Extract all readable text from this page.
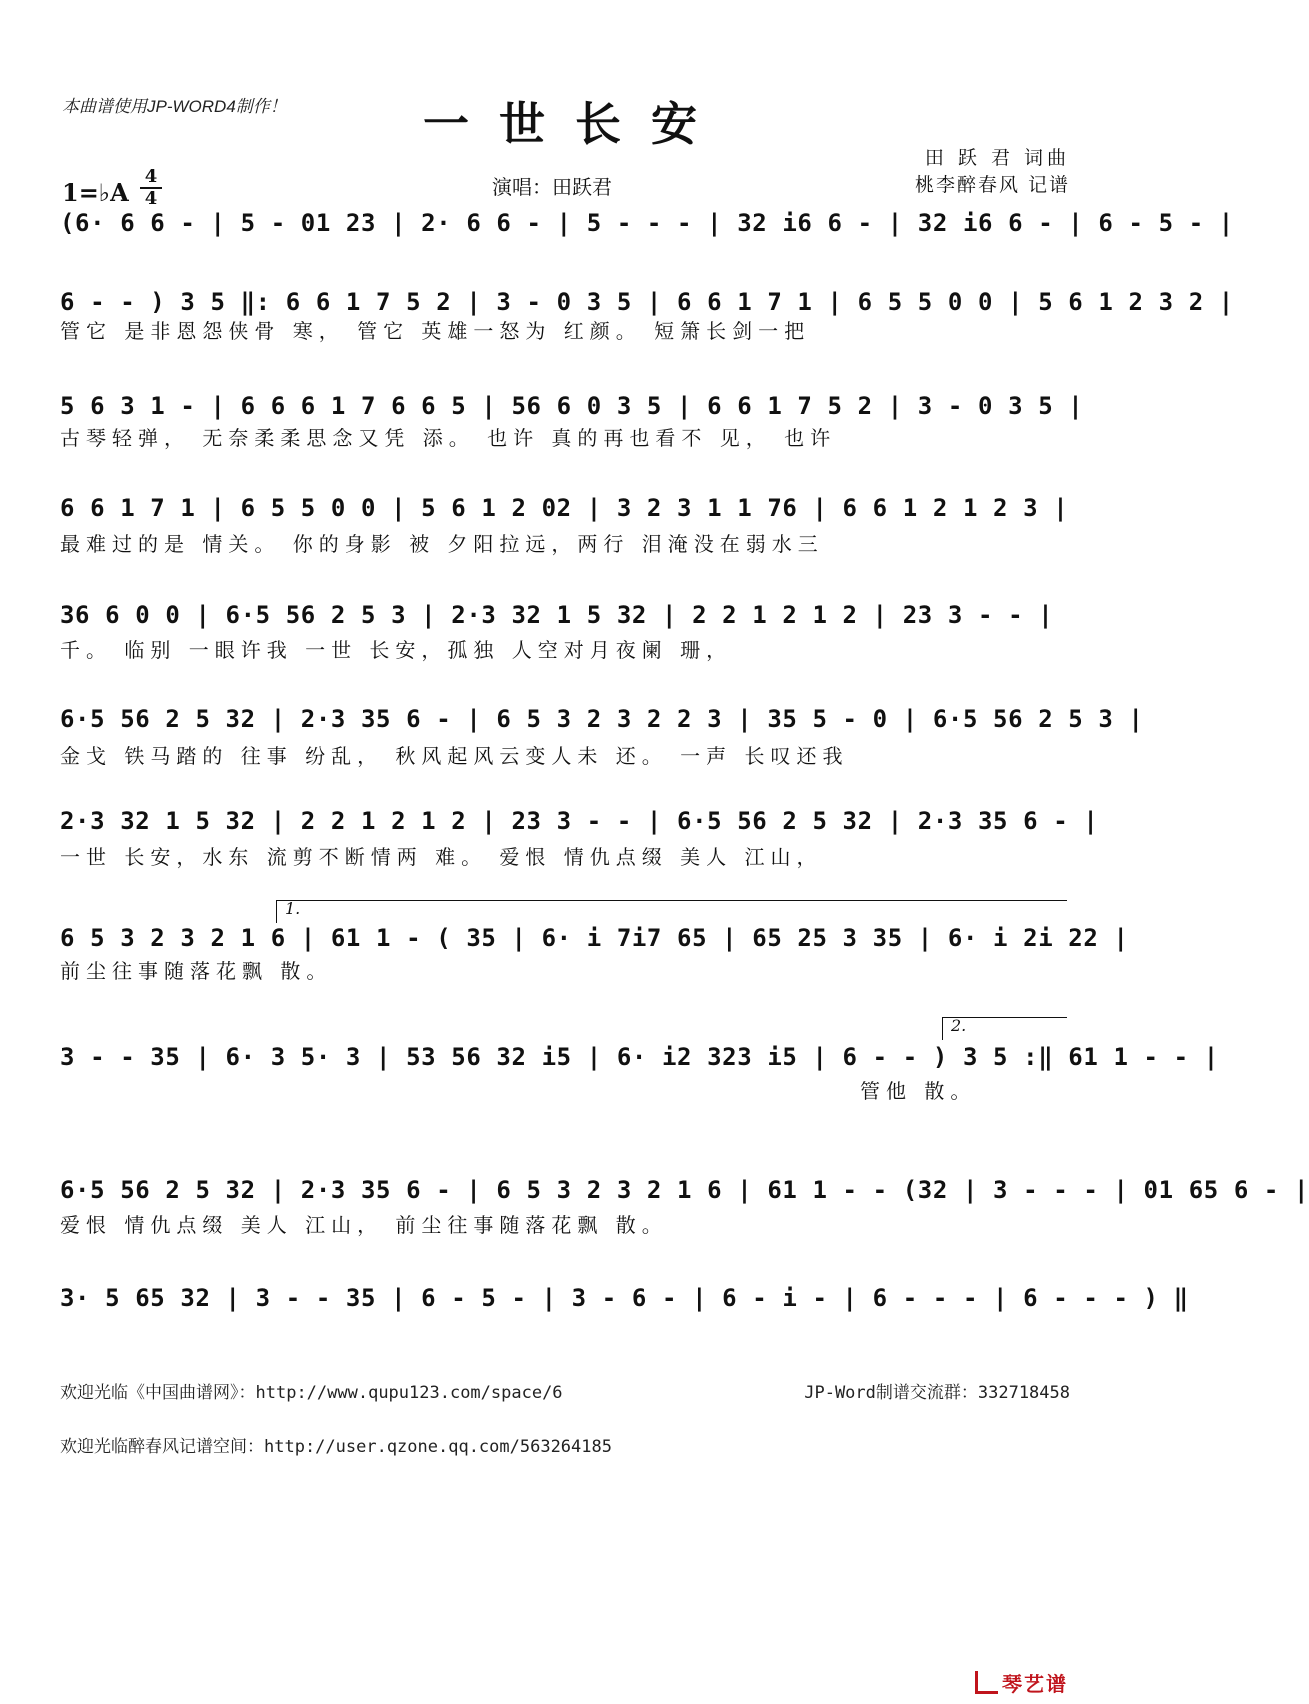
本曲谱使用JP-WORD4制作！	一世长安
田 跃 君 词曲
桃李醉春风 记谱
演唱：田跃君
1=♭A $\frac{4}{4}$
(6· 6 6 - | 5 - 01 23 | 2· 6 6 - | 5 - - - | 32 i6 6 - | 32 i6 6 - | 6 - 5 - |
6 - - ) 3 5 ‖: 6 6 1 7 5 2 | 3 - 0 3 5 | 6 6 1 7 1 | 6 5 5 0 0 | 5 6 1 2 3 2 |
管它 是非恩怨侠骨 寒， 管它 英雄一怒为 红颜。 短箫长剑一把
5 6 3 1 - | 6 6 6 1 7 6 6 5 | 56 6 0 3 5 | 6 6 1 7 5 2 | 3 - 0 3 5 |
古琴轻弹， 无奈柔柔思念又凭 添。 也许 真的再也看不 见， 也许
6 6 1 7 1 | 6 5 5 0 0 | 5 6 1 2 02 | 3 2 3 1 1 76 | 6 6 1 2 1 2 3 |
最难过的是 情关。 你的身影 被 夕阳拉远，两行 泪淹没在弱水三
36 6 0 0 | 6·5 56 2 5 3 | 2·3 32 1 5 32 | 2 2 1 2 1 2 | 23 3 - - |
千。 临别 一眼许我 一世 长安，孤独 人空对月夜阑 珊，
6·5 56 2 5 32 | 2·3 35 6 - | 6 5 3 2 3 2 2 3 | 35 5 - 0 | 6·5 56 2 5 3 |
金戈 铁马踏的 往事 纷乱， 秋风起风云变人未 还。 一声 长叹还我
2·3 32 1 5 32 | 2 2 1 2 1 2 | 23 3 - - | 6·5 56 2 5 32 | 2·3 35 6 - |
一世 长安，水东 流剪不断情两 难。 爱恨 情仇点缀 美人 江山，
1.
6 5 3 2 3 2 1 6 | 61 1 - ( 35 | 6· i 7i7 65 | 65 25 3 35 | 6· i 2i 22 |
前尘往事随落花飘 散。
2.
3 - - 35 | 6· 3 5· 3 | 53 56 32 i5 | 6· i2 323 i5 | 6 - - ) 3 5 :‖ 61 1 - - |
管他 散。
6·5 56 2 5 32 | 2·3 35 6 - | 6 5 3 2 3 2 1 6 | 61 1 - - (32 | 3 - - - | 01 65 6 - |
爱恨 情仇点缀 美人 江山， 前尘往事随落花飘 散。
3· 5 65 32 | 3 - - 35 | 6 - 5 - | 3 - 6 - | 6 - i - | 6 - - - | 6 - - - ) ‖
欢迎光临《中国曲谱网》：http://www.qupu123.com/space/6	JP-Word制谱交流群：332718458
欢迎光临醉春风记谱空间：http://user.qzone.qq.com/563264185
琴艺谱
